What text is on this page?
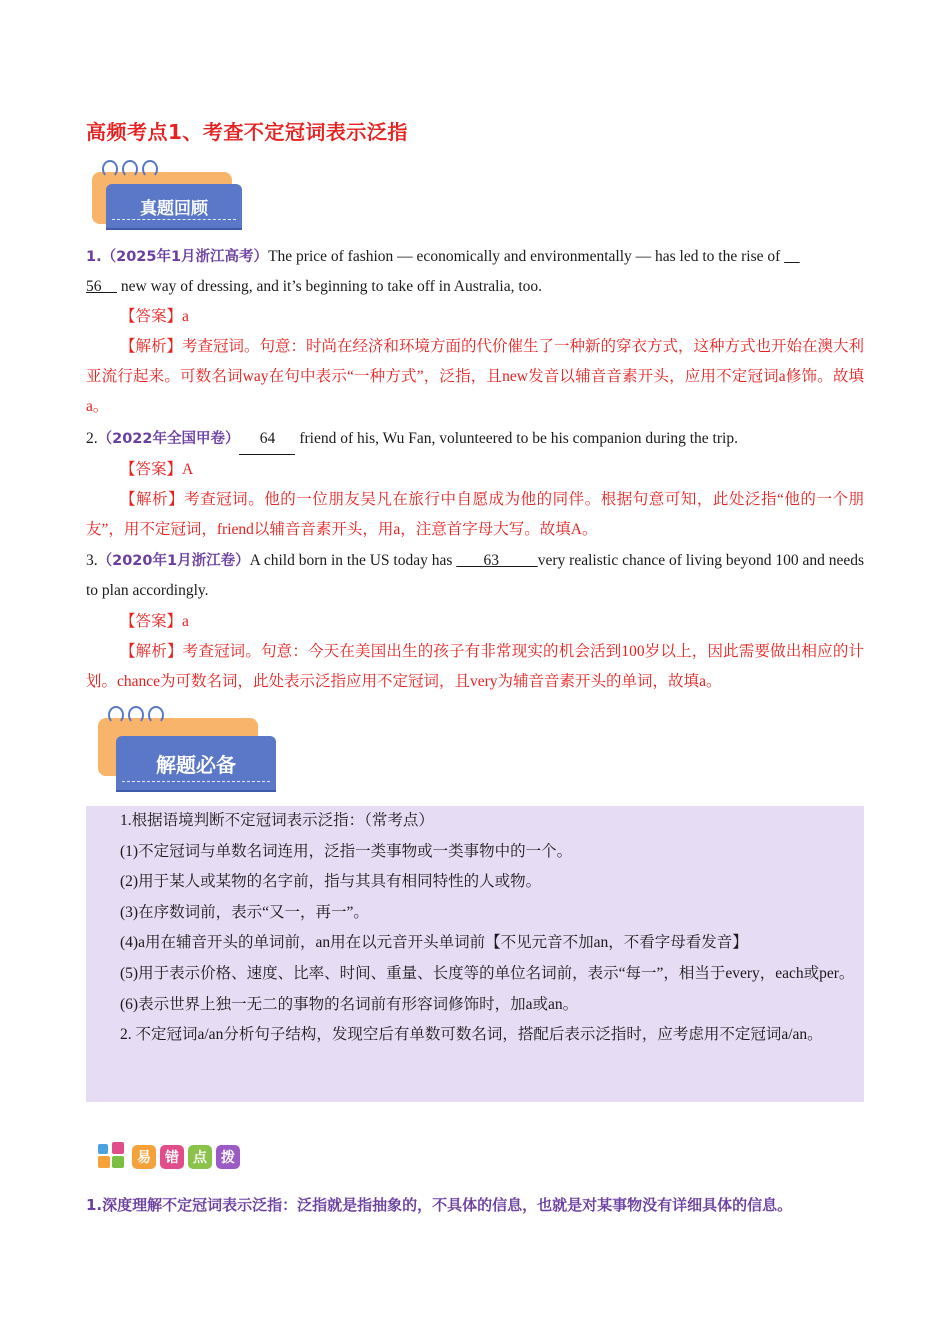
高频考点1、考查不定冠词表示泛指
真题回顾
1.（2025年1月浙江高考）The price of fashion — economically and environmentally — has led to the rise of
56 new way of dressing, and it’s beginning to take off in Australia, too.
【答案】a
【解析】考查冠词。句意：时尚在经济和环境方面的代价催生了一种新的穿衣方式，这种方式也开始在澳大利亚流行起来。可数名词way在句中表示“一种方式”，泛指，且new发音以辅音音素开头，应用不定冠词a修饰。故填a。
2.（2022年全国甲卷） 64 friend of his, Wu Fan, volunteered to be his companion during the trip.
【答案】A
【解析】考查冠词。他的一位朋友吴凡在旅行中自愿成为他的同伴。根据句意可知，此处泛指“他的一个朋友”，用不定冠词，friend以辅音音素开头，用a，注意首字母大写。故填A。
3.（2020年1月浙江卷）A child born in the US today has 63	very realistic chance of living beyond 100 and needs to plan accordingly.
【答案】a
【解析】考查冠词。句意：今天在美国出生的孩子有非常现实的机会活到100岁以上，因此需要做出相应的计划。chance为可数名词，此处表示泛指应用不定冠词，且very为辅音音素开头的单词，故填a。
解题必备
1.根据语境判断不定冠词表示泛指：（常考点）
(1)不定冠词与单数名词连用，泛指一类事物或一类事物中的一个。
(2)用于某人或某物的名字前，指与其具有相同特性的人或物。
(3)在序数词前，表示“又一，再一”。
(4)a用在辅音开头的单词前，an用在以元音开头单词前【不见元音不加an，不看字母看发音】
(5)用于表示价格、速度、比率、时间、重量、长度等的单位名词前，表示“每一”，相当于every，each或per。
(6)表示世界上独一无二的事物的名词前有形容词修饰时，加a或an。
2. 不定冠词a/an分析句子结构，发现空后有单数可数名词，搭配后表示泛指时，应考虑用不定冠词a/an。
易	错	点	拨
1.深度理解不定冠词表示泛指：泛指就是指抽象的，不具体的信息，也就是对某事物没有详细具体的信息。
